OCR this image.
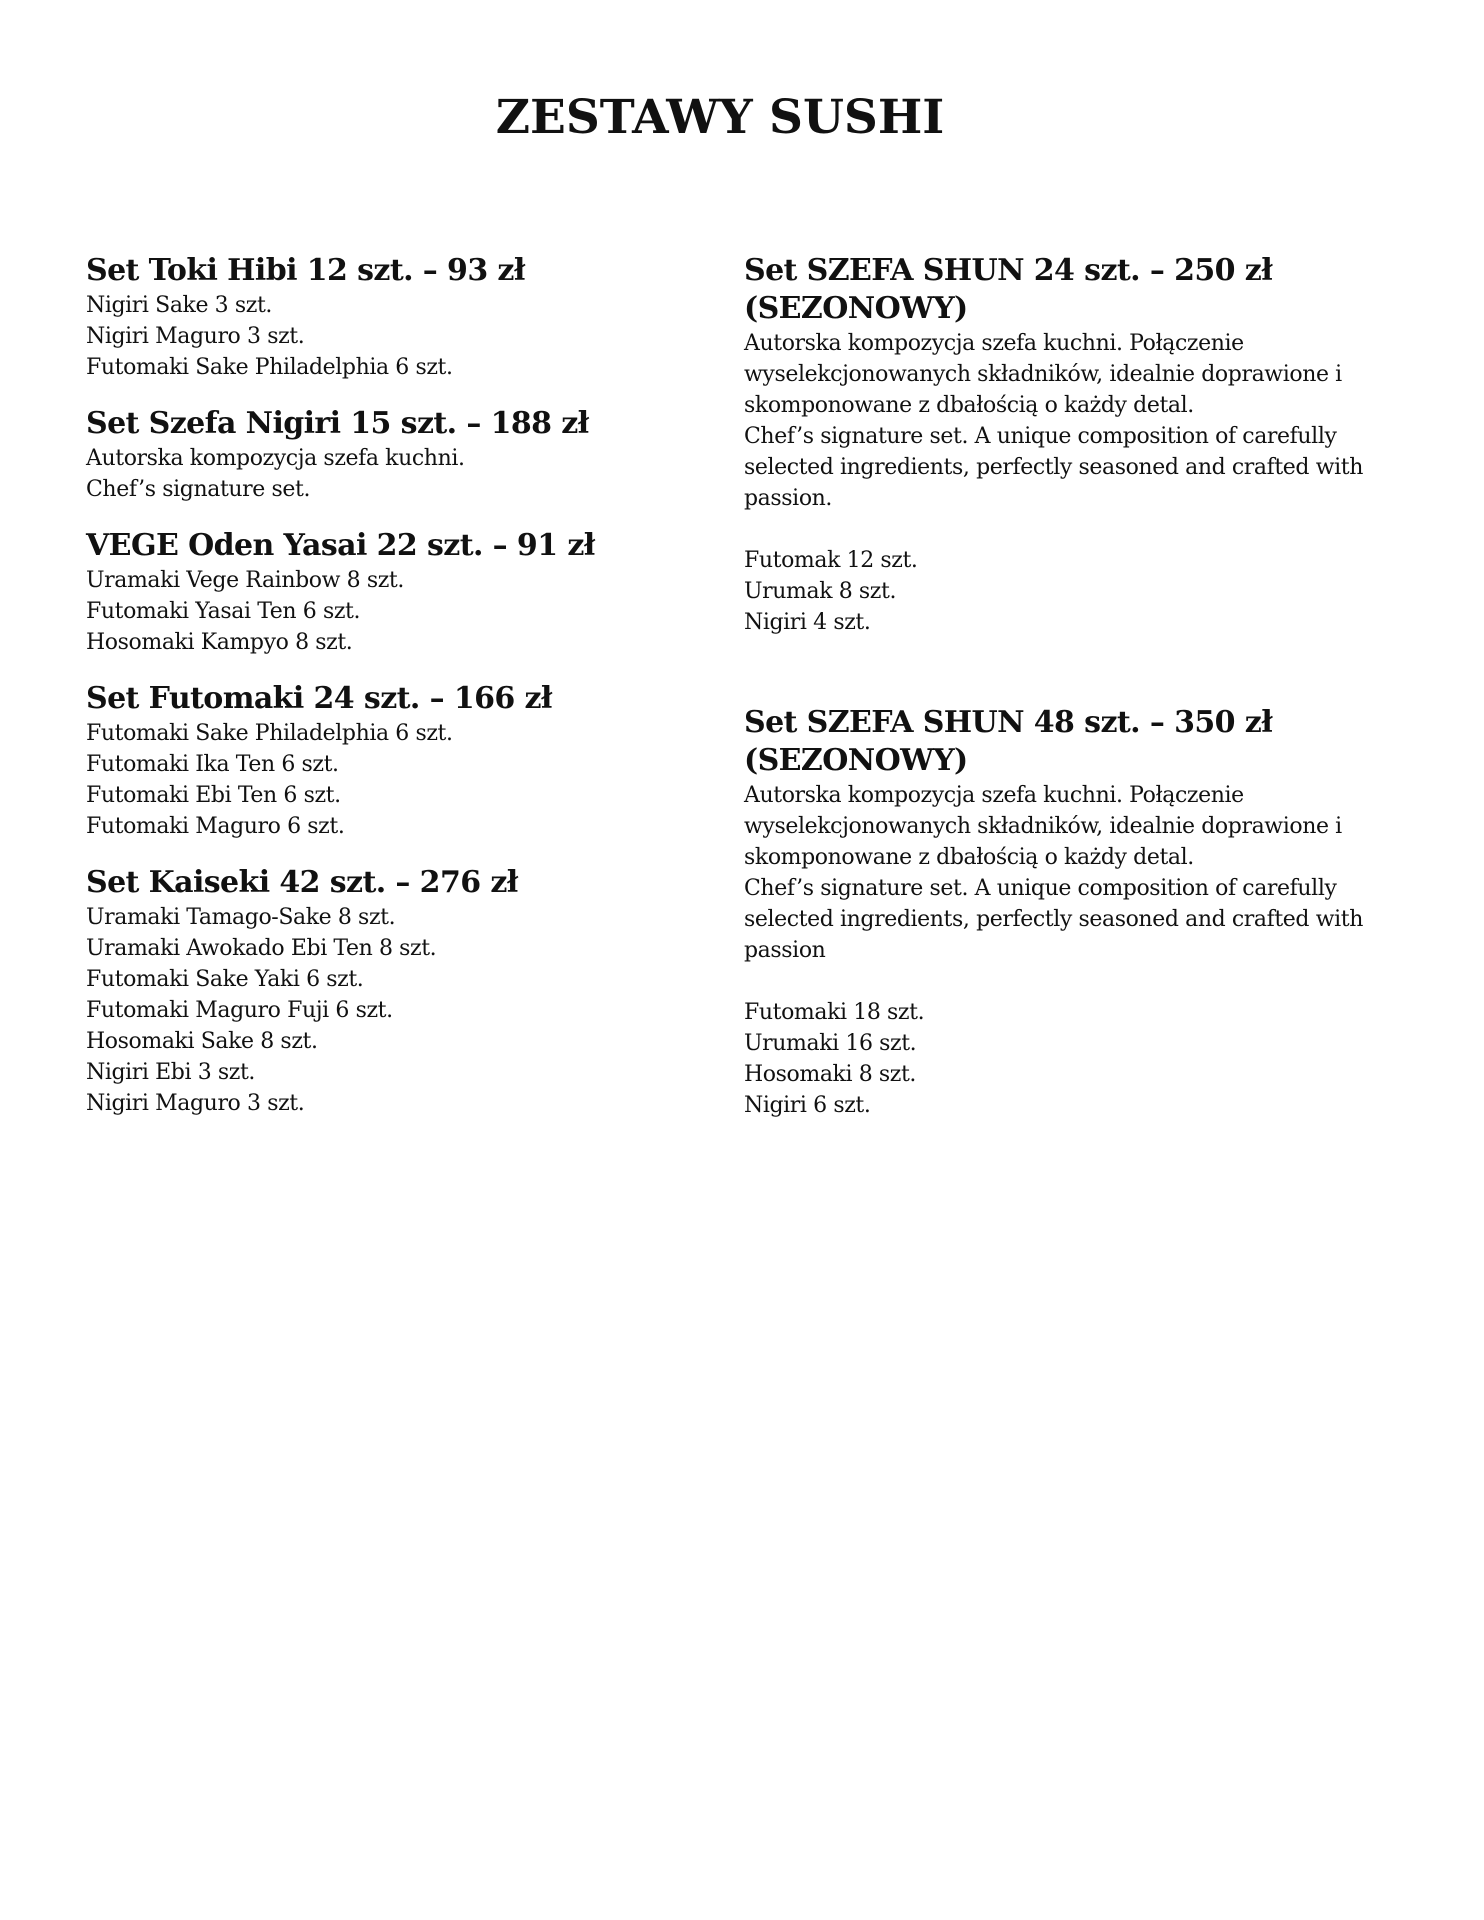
ZESTAWY SUSHI

Set Toki Hibi 12 szt. – 93 zł

Nigiri Sake 3 szt.

Nigiri Maguro 3 szt.

Futomaki Sake Philadelphia 6 szt.

Set Szefa Nigiri 15 szt. – 188 zł

Autorska kompozycja szefa kuchni.

Chef’s signature set.

VEGE Oden Yasai 22 szt. – 91 zł

Uramaki Vege Rainbow 8 szt.

Futomaki Yasai Ten 6 szt.

Hosomaki Kampyo 8 szt.

Set Futomaki 24 szt. – 166 zł

Futomaki Sake Philadelphia 6 szt.

Futomaki Ika Ten 6 szt.

Futomaki Ebi Ten 6 szt.

Futomaki Maguro 6 szt.

Set Kaiseki 42 szt. – 276 zł

Uramaki Tamago-Sake 8 szt.

Uramaki Awokado Ebi Ten 8 szt.

Futomaki Sake Yaki 6 szt.

Futomaki Maguro Fuji 6 szt.

Hosomaki Sake 8 szt.

Nigiri Ebi 3 szt.

Nigiri Maguro 3 szt.

Set SZEFA SHUN 24 szt. – 250 zł

(SEZONOWY)

Autorska kompozycja szefa kuchni. Połączenie

wyselekcjonowanych składników, idealnie doprawione i

skomponowane z dbałością o każdy detal.

Chef’s signature set. A unique composition of carefully

selected ingredients, perfectly seasoned and crafted with

passion.

Futomak 12 szt.

Urumak 8 szt.

Nigiri 4 szt.

Set SZEFA SHUN 48 szt. – 350 zł

(SEZONOWY)

Autorska kompozycja szefa kuchni. Połączenie

wyselekcjonowanych składników, idealnie doprawione i

skomponowane z dbałością o każdy detal.

Chef’s signature set. A unique composition of carefully

selected ingredients, perfectly seasoned and crafted with

passion

Futomaki 18 szt.

Urumaki 16 szt.

Hosomaki 8 szt.

Nigiri 6 szt.
